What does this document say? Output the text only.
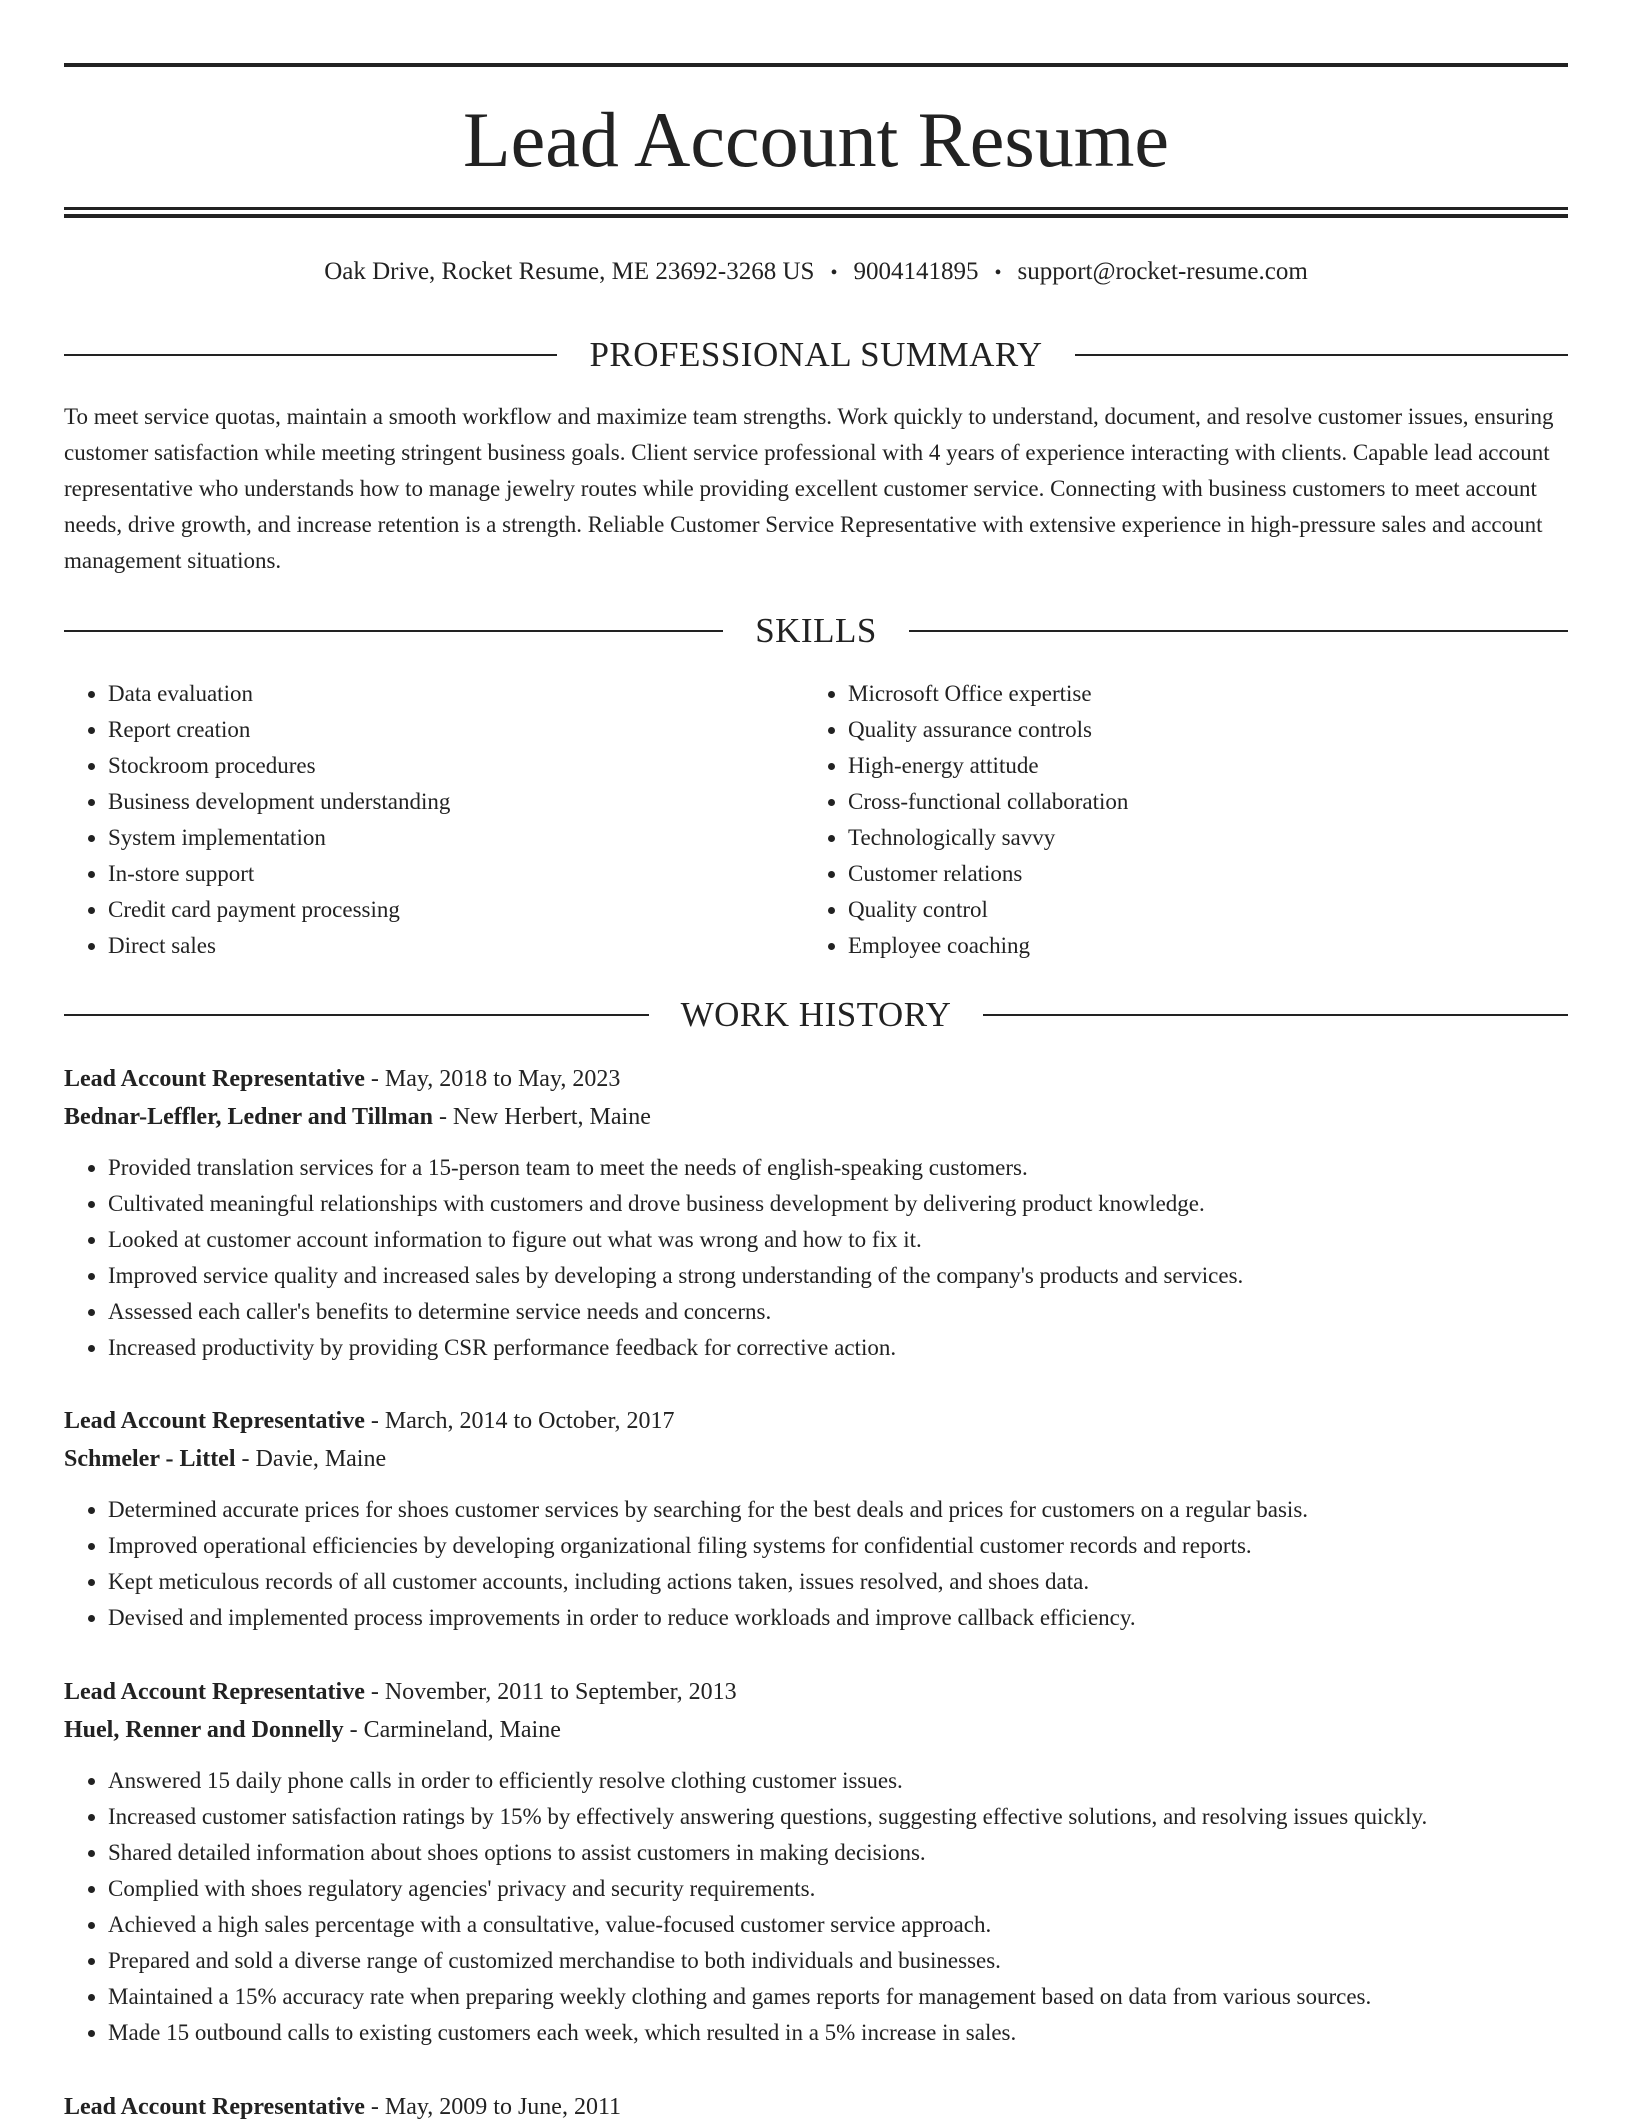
Lead Account Resume
Oak Drive, Rocket Resume, ME 23692-3268 US • 9004141895 • support@rocket-resume.com
PROFESSIONAL SUMMARY

To meet service quotas, maintain a smooth workflow and maximize team strengths. Work quickly to understand, document, and resolve customer issues, ensuring customer satisfaction while meeting stringent business goals. Client service professional with 4 years of experience interacting with clients. Capable lead account representative who understands how to manage jewelry routes while providing excellent customer service. Connecting with business customers to meet account needs, drive growth, and increase retention is a strength. Reliable Customer Service Representative with extensive experience in high-pressure sales and account management situations.

SKILLS
• Data evaluation
• Report creation
• Stockroom procedures
• Business development understanding
• System implementation
• In-store support
• Credit card payment processing
• Direct sales
• Microsoft Office expertise
• Quality assurance controls
• High-energy attitude
• Cross-functional collaboration
• Technologically savvy
• Customer relations
• Quality control
• Employee coaching
WORK HISTORY
Lead Account Representative - May, 2018 to May, 2023
Bednar-Leffler, Ledner and Tillman - New Herbert, Maine
• Provided translation services for a 15-person team to meet the needs of english-speaking customers.
• Cultivated meaningful relationships with customers and drove business development by delivering product knowledge.
• Looked at customer account information to figure out what was wrong and how to fix it.
• Improved service quality and increased sales by developing a strong understanding of the company's products and services.
• Assessed each caller's benefits to determine service needs and concerns.
• Increased productivity by providing CSR performance feedback for corrective action.
Lead Account Representative - March, 2014 to October, 2017
Schmeler - Littel - Davie, Maine
• Determined accurate prices for shoes customer services by searching for the best deals and prices for customers on a regular basis.
• Improved operational efficiencies by developing organizational filing systems for confidential customer records and reports.
• Kept meticulous records of all customer accounts, including actions taken, issues resolved, and shoes data.
• Devised and implemented process improvements in order to reduce workloads and improve callback efficiency.
Lead Account Representative - November, 2011 to September, 2013
Huel, Renner and Donnelly - Carmineland, Maine
• Answered 15 daily phone calls in order to efficiently resolve clothing customer issues.
• Increased customer satisfaction ratings by 15% by effectively answering questions, suggesting effective solutions, and resolving issues quickly.
• Shared detailed information about shoes options to assist customers in making decisions.
• Complied with shoes regulatory agencies' privacy and security requirements.
• Achieved a high sales percentage with a consultative, value-focused customer service approach.
• Prepared and sold a diverse range of customized merchandise to both individuals and businesses.
• Maintained a 15% accuracy rate when preparing weekly clothing and games reports for management based on data from various sources.
• Made 15 outbound calls to existing customers each week, which resulted in a 5% increase in sales.
Lead Account Representative - May, 2009 to June, 2011
